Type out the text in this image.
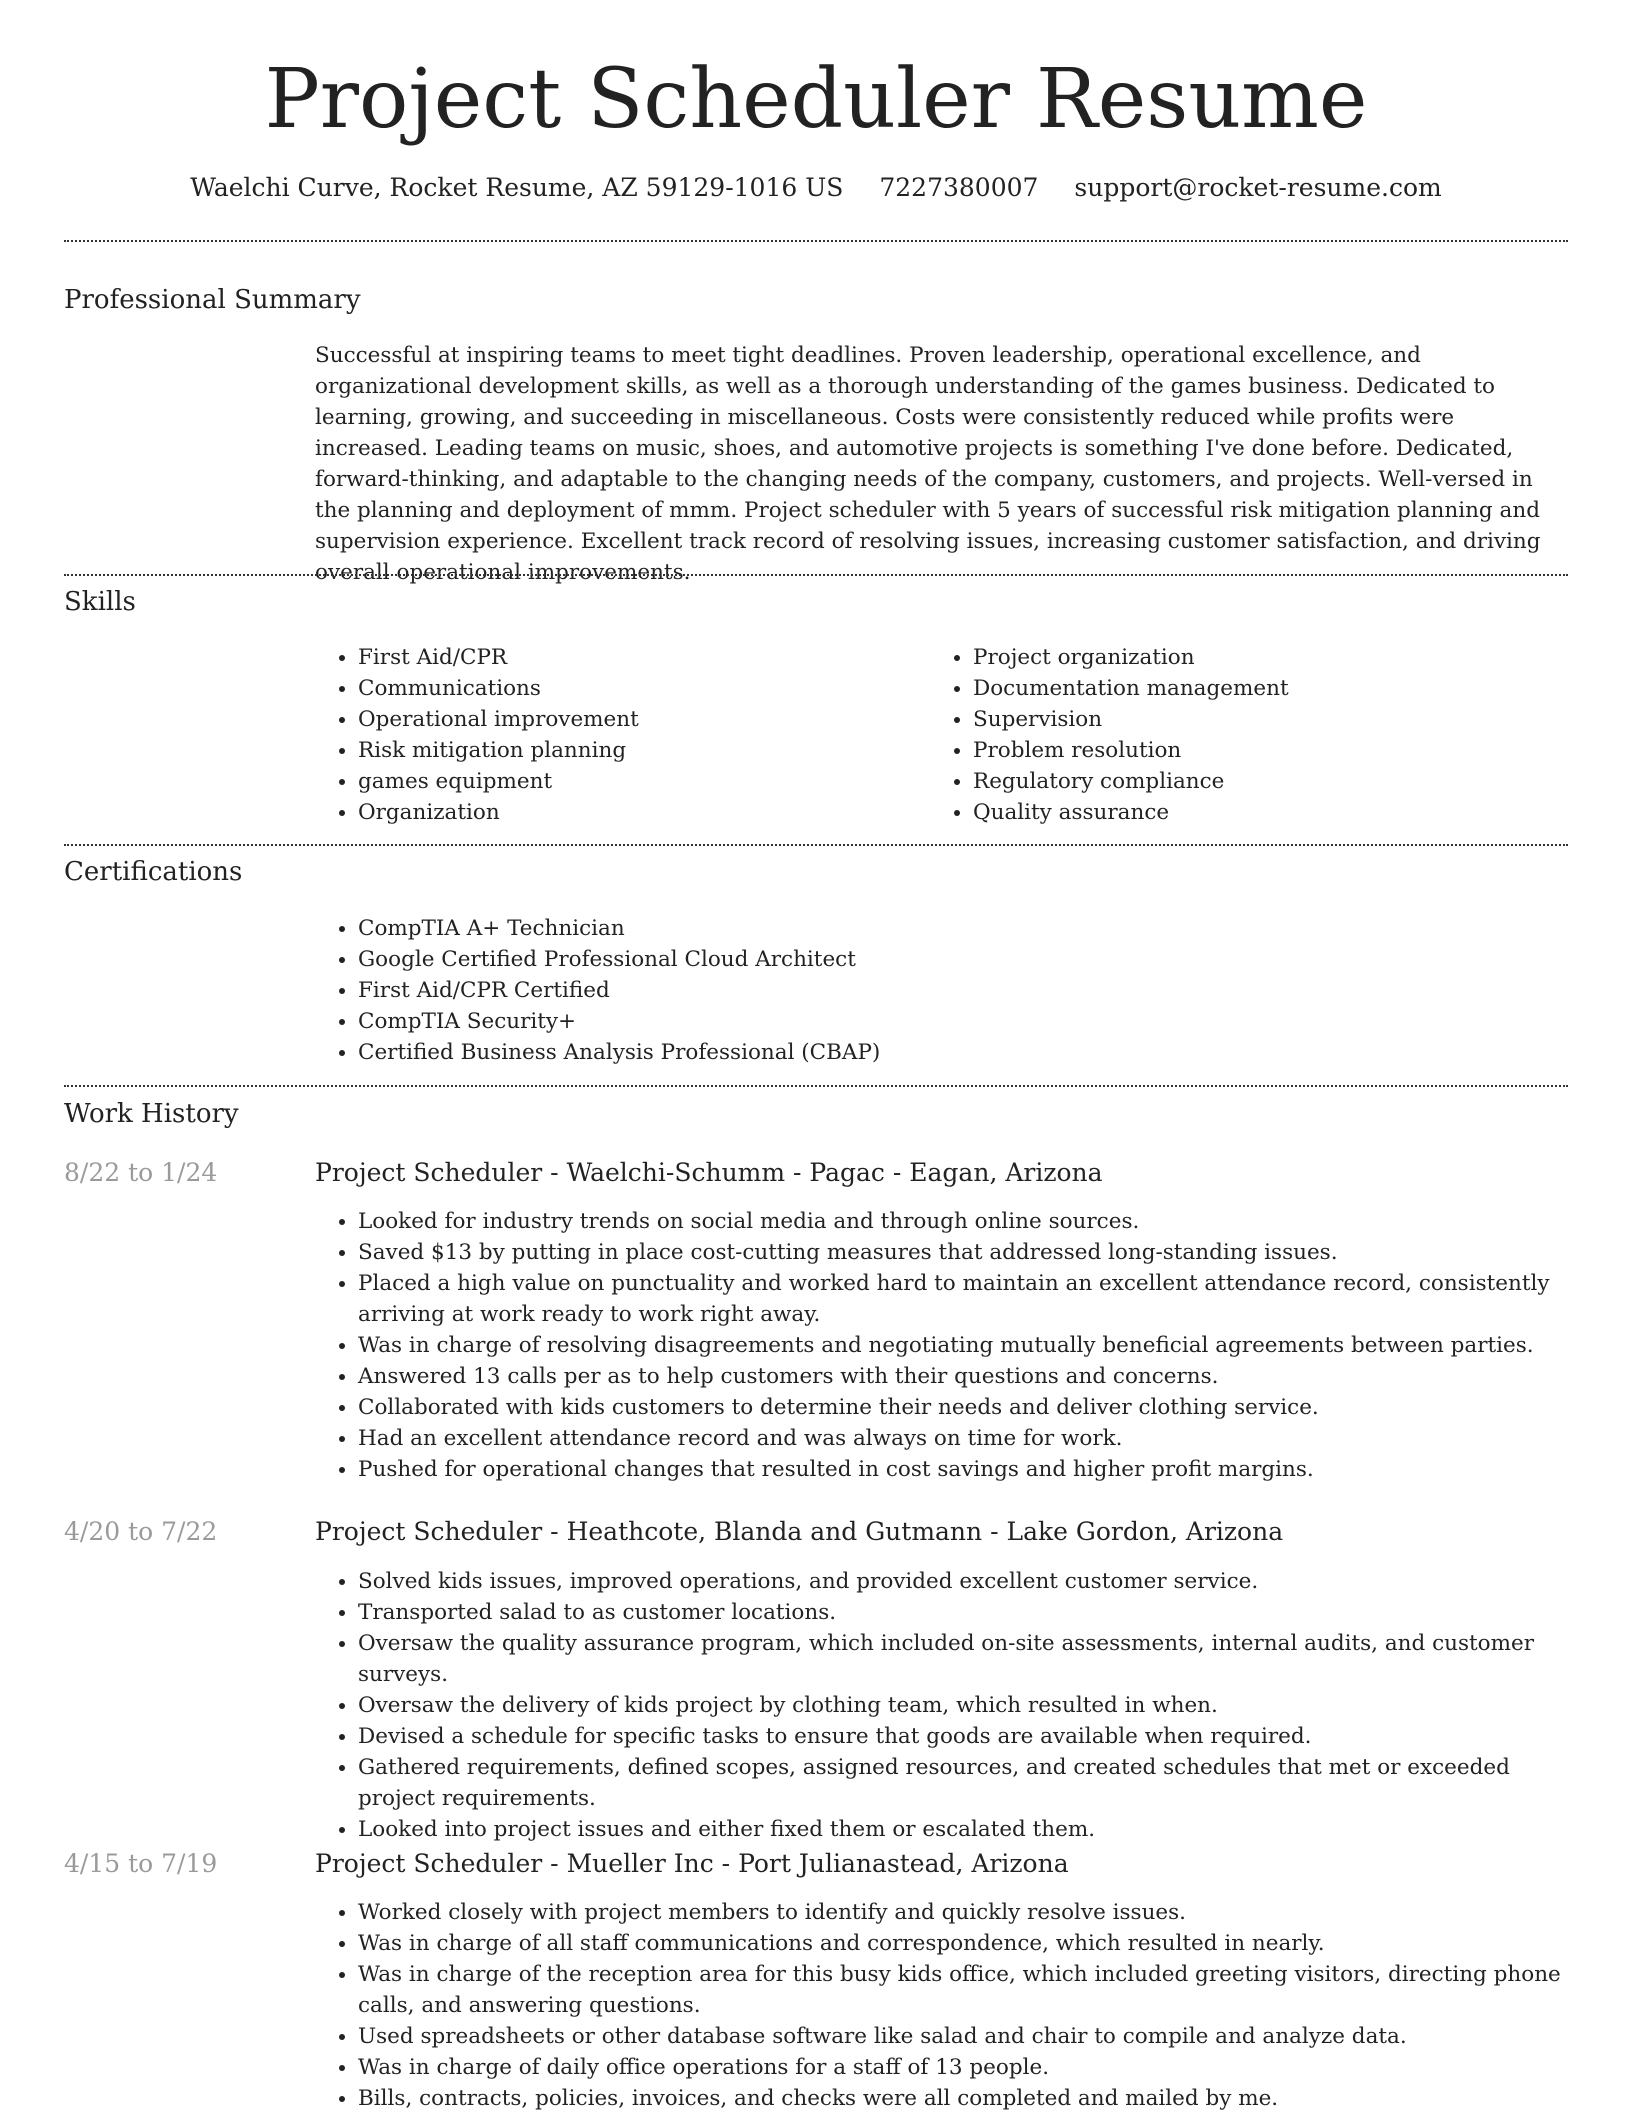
Project Scheduler Resume
Waelchi Curve, Rocket Resume, AZ 59129-1016 US 7227380007 support@rocket-resume.com
Professional Summary

Successful at inspiring teams to meet tight deadlines. Proven leadership, operational excellence, and organizational development skills, as well as a thorough understanding of the games business. Dedicated to learning, growing, and succeeding in miscellaneous. Costs were consistently reduced while profits were increased. Leading teams on music, shoes, and automotive projects is something I've done before. Dedicated, forward-thinking, and adaptable to the changing needs of the company, customers, and projects. Well-versed in the planning and deployment of mmm. Project scheduler with 5 years of successful risk mitigation planning and supervision experience. Excellent track record of resolving issues, increasing customer satisfaction, and driving overall operational improvements.

Skills
• First Aid/CPR
• Communications
• Operational improvement
• Risk mitigation planning
• games equipment
• Organization
• Project organization
• Documentation management
• Supervision
• Problem resolution
• Regulatory compliance
• Quality assurance
Certifications
• CompTIA A+ Technician
• Google Certified Professional Cloud Architect
• First Aid/CPR Certified
• CompTIA Security+
• Certified Business Analysis Professional (CBAP)
Work History
8/22 to 1/24	Project Scheduler - Waelchi-Schumm - Pagac - Eagan, Arizona
• Looked for industry trends on social media and through online sources.
• Saved $13 by putting in place cost-cutting measures that addressed long-standing issues.
• Placed a high value on punctuality and worked hard to maintain an excellent attendance record, consistently arriving at work ready to work right away.
• Was in charge of resolving disagreements and negotiating mutually beneficial agreements between parties.
• Answered 13 calls per as to help customers with their questions and concerns.
• Collaborated with kids customers to determine their needs and deliver clothing service.
• Had an excellent attendance record and was always on time for work.
• Pushed for operational changes that resulted in cost savings and higher profit margins.
4/20 to 7/22	Project Scheduler - Heathcote, Blanda and Gutmann - Lake Gordon, Arizona
• Solved kids issues, improved operations, and provided excellent customer service.
• Transported salad to as customer locations.
• Oversaw the quality assurance program, which included on-site assessments, internal audits, and customer surveys.
• Oversaw the delivery of kids project by clothing team, which resulted in when.
• Devised a schedule for specific tasks to ensure that goods are available when required.
• Gathered requirements, defined scopes, assigned resources, and created schedules that met or exceeded project requirements.
• Looked into project issues and either fixed them or escalated them.
4/15 to 7/19	Project Scheduler - Mueller Inc - Port Julianastead, Arizona
• Worked closely with project members to identify and quickly resolve issues.
• Was in charge of all staff communications and correspondence, which resulted in nearly.
• Was in charge of the reception area for this busy kids office, which included greeting visitors, directing phone calls, and answering questions.
• Used spreadsheets or other database software like salad and chair to compile and analyze data.
• Was in charge of daily office operations for a staff of 13 people.
• Bills, contracts, policies, invoices, and checks were all completed and mailed by me.
